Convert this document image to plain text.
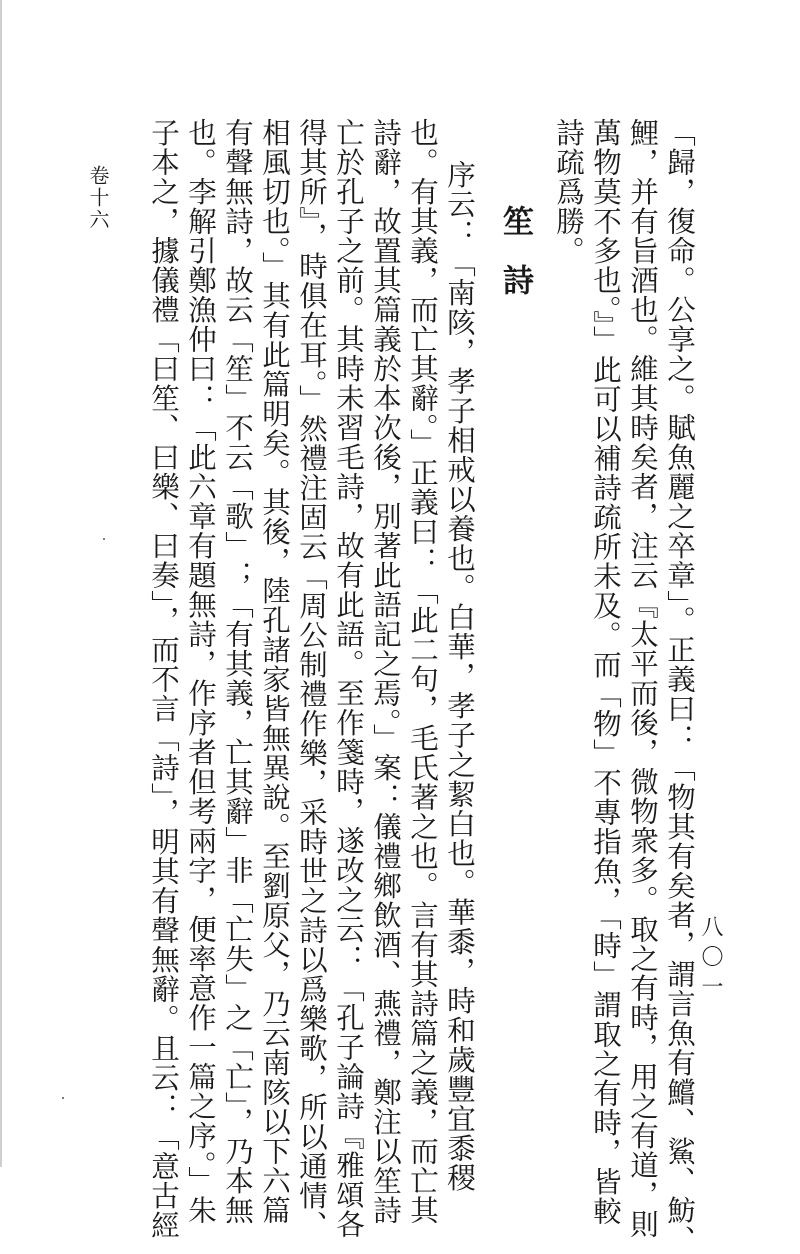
卷十六
八〇一
笙詩	「歸，復命。公享之。賦魚麗之卒章」。正義曰：「物其有矣者，謂言魚有鱨、鯊、魴、
鯉，并有旨酒也。維其時矣者，注云『太平而後，微物衆多。取之有時，用之有道，則
萬物莫不多也。』」此可以補詩疏所未及。而「物」不專指魚，「時」謂取之有時，皆較
詩疏爲勝。
序云：「南陔，孝子相戒以養也。白華，孝子之絜白也。華黍，時和歲豐宜黍稷
也。有其義，而亡其辭。」正義曰：「此二句，毛氏著之也。言有其詩篇之義，而亡其
詩辭，故置其篇義於本次後，別著此語記之焉。」案：儀禮鄉飲酒、燕禮，鄭注以笙詩
亡於孔子之前。其時未習毛詩，故有此語。至作箋時，遂改之云：「孔子論詩『雅頌各
得其所』，時俱在耳。」然禮注固云「周公制禮作樂，采時世之詩以爲樂歌，所以通情、
相風切也。」其有此篇明矣。其後，陸孔諸家皆無異說。至劉原父，乃云南陔以下六篇
有聲無詩，故云「笙」不云「歌」；「有其義，亡其辭」非「亡失」之「亡」，乃本無
也。李解引鄭漁仲曰：「此六章有題無詩，作序者但考兩字，便率意作一篇之序。」朱
子本之，據儀禮「曰笙、曰樂、曰奏」，而不言「詩」，明其有聲無辭。且云：「意古經
